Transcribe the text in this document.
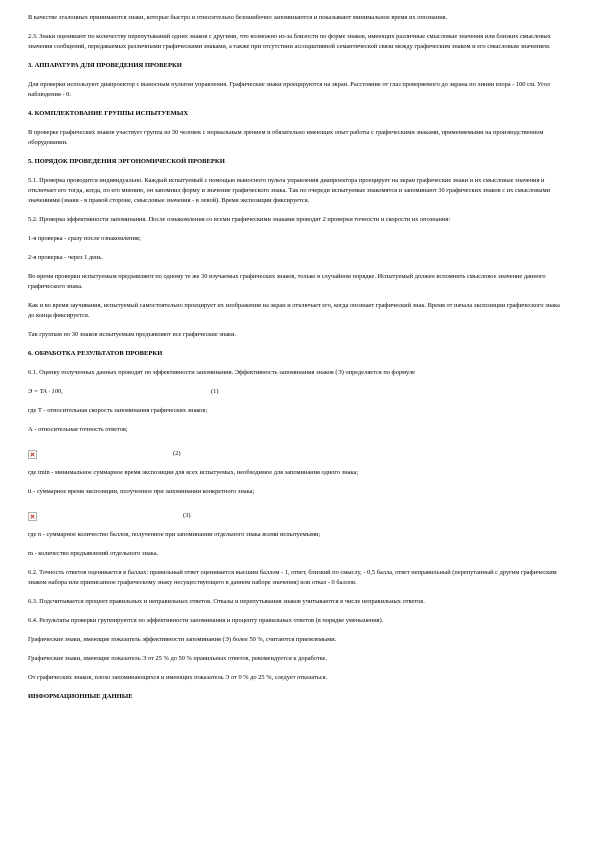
В качестве эталонных принимаются знаки, которые быстро и относительно безошибочно запоминаются и показывают минимальное время их опознания.

2.3. Знаки оценивают по количеству перепутываний одних знаков с другими, что возможно из-за близости по форме знаков, имеющих различные смысловые значения или близких смысловых значения сообщений, передаваемых различными графическими знаками, а также при отсутствии ассоциативной семантической связи между графическим знаком и его смысловым значением.

3. АППАРАТУРА ДЛЯ ПРОВЕДЕНИЯ ПРОВЕРКИ

Для проверки используют диапроектор с выносным пультом управления. Графические знаки проецируются на экран. Расстояние от глаз проверяемого до экрана по линии взора - 100 см. Угол наблюдения - 0.

4. КОМПЛЕКТОВАНИЕ ГРУППЫ ИСПЫТУЕМЫХ

В проверке графических знаков участвует группа из 30 человек с нормальным зрением и обязательно имеющих опыт работы с графическими знаками, применяемыми на производственном оборудовании.

5. ПОРЯДОК ПРОВЕДЕНИЯ ЭРГОНОМИЧЕСКОЙ ПРОВЕРКИ

5.1. Проверка проводится индивидуально. Каждый испытуемый с помощью выносного пульта управления диапроектора проецирует на экран графические знаки и их смысловые значения и отключает его тогда, когда, по его мнению, он запомнил форму и значение графического знака. Так по очереди испытуемые знакомятся и запоминают 30 графических знаков с их смысловыми значениями (знаки - в правой стороне, смысловые значения - в левой). Время экспозиции фиксируется.

5.2. Проверка эффективности запоминания. После ознакомления со всеми графическими знаками проводят 2 проверки точности и скорости их опознания:

1-я проверка - сразу после ознакомления;

2-я проверка - через 1 день.

Во время проверки испытуемым предъявляют по одному те же 30 изучаемых графических знаков, только в случайном порядке. Испытуемый должен вспомнить смысловое значение данного графического знака.

Как и во время заучивания, испытуемый самостоятельно проецирует их изображения на экран и отключает его, когда опознает графический знак. Время от начала экспозиции графического знака до конца фиксируется.

Так группам по 30 знаков испытуемым предъявляют все графические знаки.

6. ОБРАБОТКА РЕЗУЛЬТАТОВ ПРОВЕРКИ

6.1. Оценку полученных данных проводят по эффективности запоминания. Эффективность запоминания знаков (Э) определяется по формуле

Э = ТА · 100,	(1)

где Т - относительная скорость запоминания графических знаков;

А - относительная точность ответов;

(2)

где tmin - минимальное суммарное время экспозиции для всех испытуемых, необходимое для запоминания одного знака;

ti - суммарное время экспозиции, полученное при запоминании конкретного знака;

(3)

где n - суммарное количество баллов, полученное при запоминании отдельного знака всеми испытуемыми;

m - количество предъявлений отдельного знака.

6.2. Точность ответов оценивается в баллах: правильный ответ оценивается высшим баллом - 1, ответ, близкий по смыслу, - 0,5 балла, ответ неправильный (перепутанный с другим графическим знаком набора или приписанное графическому знаку несуществующего в данном наборе значения) или отказ - 0 баллов.

6.3. Подсчитывается процент правильных и неправильных ответов. Отказы и перепутывания знаков учитываются в числе неправильных ответов.

6.4. Результаты проверки группируются по эффективности запоминания и проценту правильных ответов (в порядке уменьшения).

Графические знаки, имеющие показатель эффективности запоминания (Э) более 50 %, считаются приемлемыми.

Графические знаки, имеющие показатель Э от 25 % до 50 % правильных ответов, рекомендуется к доработке.

От графических знаков, плохо запоминающихся и имеющих показатель Э от 0 % до 25 %, следует отказаться.

ИНФОРМАЦИОННЫЕ ДАННЫЕ
